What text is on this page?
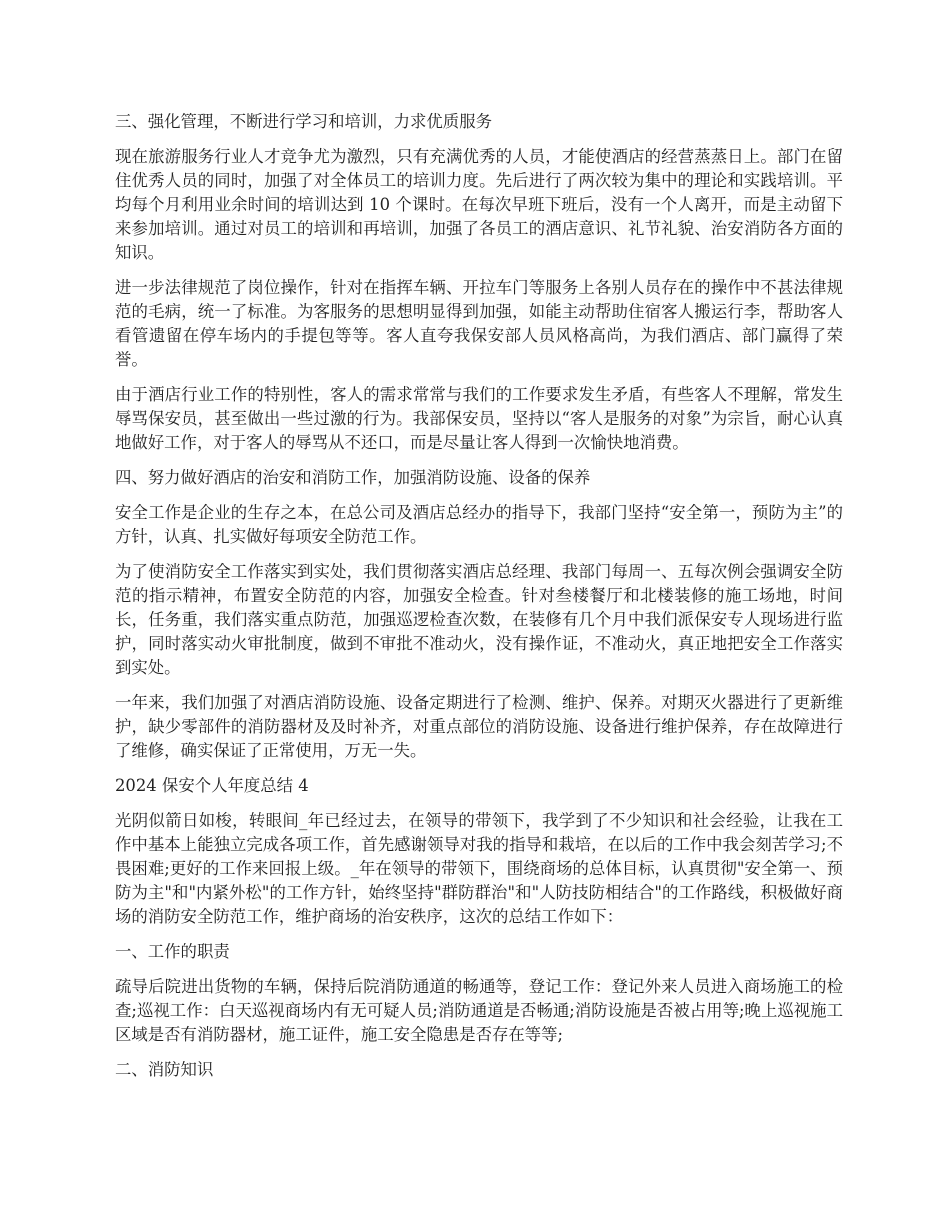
三、强化管理，不断进行学习和培训，力求优质服务

现在旅游服务行业人才竞争尤为激烈，只有充满优秀的人员，才能使酒店的经营蒸蒸日上。部门在留住优秀人员的同时，加强了对全体员工的培训力度。先后进行了两次较为集中的理论和实践培训。平均每个月利用业余时间的培训达到 10 个课时。在每次早班下班后，没有一个人离开，而是主动留下来参加培训。通过对员工的培训和再培训，加强了各员工的酒店意识、礼节礼貌、治安消防各方面的知识。

进一步法律规范了岗位操作，针对在指挥车辆、开拉车门等服务上各别人员存在的操作中不甚法律规范的毛病，统一了标准。为客服务的思想明显得到加强，如能主动帮助住宿客人搬运行李，帮助客人看管遗留在停车场内的手提包等等。客人直夸我保安部人员风格高尚，为我们酒店、部门赢得了荣誉。

由于酒店行业工作的特别性，客人的需求常常与我们的工作要求发生矛盾，有些客人不理解，常发生辱骂保安员，甚至做出一些过激的行为。我部保安员，坚持以“客人是服务的对象”为宗旨，耐心认真地做好工作，对于客人的辱骂从不还口，而是尽量让客人得到一次愉快地消费。

四、努力做好酒店的治安和消防工作，加强消防设施、设备的保养

安全工作是企业的生存之本，在总公司及酒店总经办的指导下，我部门坚持“安全第一，预防为主”的方针，认真、扎实做好每项安全防范工作。

为了使消防安全工作落实到实处，我们贯彻落实酒店总经理、我部门每周一、五每次例会强调安全防范的指示精神，布置安全防范的内容，加强安全检查。针对叁楼餐厅和北楼装修的施工场地，时间长，任务重，我们落实重点防范，加强巡逻检查次数，在装修有几个月中我们派保安专人现场进行监护，同时落实动火审批制度，做到不审批不准动火，没有操作证，不准动火，真正地把安全工作落实到实处。

一年来，我们加强了对酒店消防设施、设备定期进行了检测、维护、保养。对期灭火器进行了更新维护，缺少零部件的消防器材及及时补齐，对重点部位的消防设施、设备进行维护保养，存在故障进行了维修，确实保证了正常使用，万无一失。

2024 保安个人年度总结 4

光阴似箭日如梭，转眼间_年已经过去，在领导的带领下，我学到了不少知识和社会经验，让我在工作中基本上能独立完成各项工作，首先感谢领导对我的指导和栽培，在以后的工作中我会刻苦学习;不畏困难;更好的工作来回报上级。_年在领导的带领下，围绕商场的总体目标，认真贯彻"安全第一、预防为主"和"内紧外松"的工作方针，始终坚持"群防群治"和"人防技防相结合"的工作路线，积极做好商场的消防安全防范工作，维护商场的治安秩序，这次的总结工作如下：

一、工作的职责

疏导后院进出货物的车辆，保持后院消防通道的畅通等，登记工作：登记外来人员进入商场施工的检查;巡视工作：白天巡视商场内有无可疑人员;消防通道是否畅通;消防设施是否被占用等;晚上巡视施工区域是否有消防器材，施工证件，施工安全隐患是否存在等等;

二、消防知识
